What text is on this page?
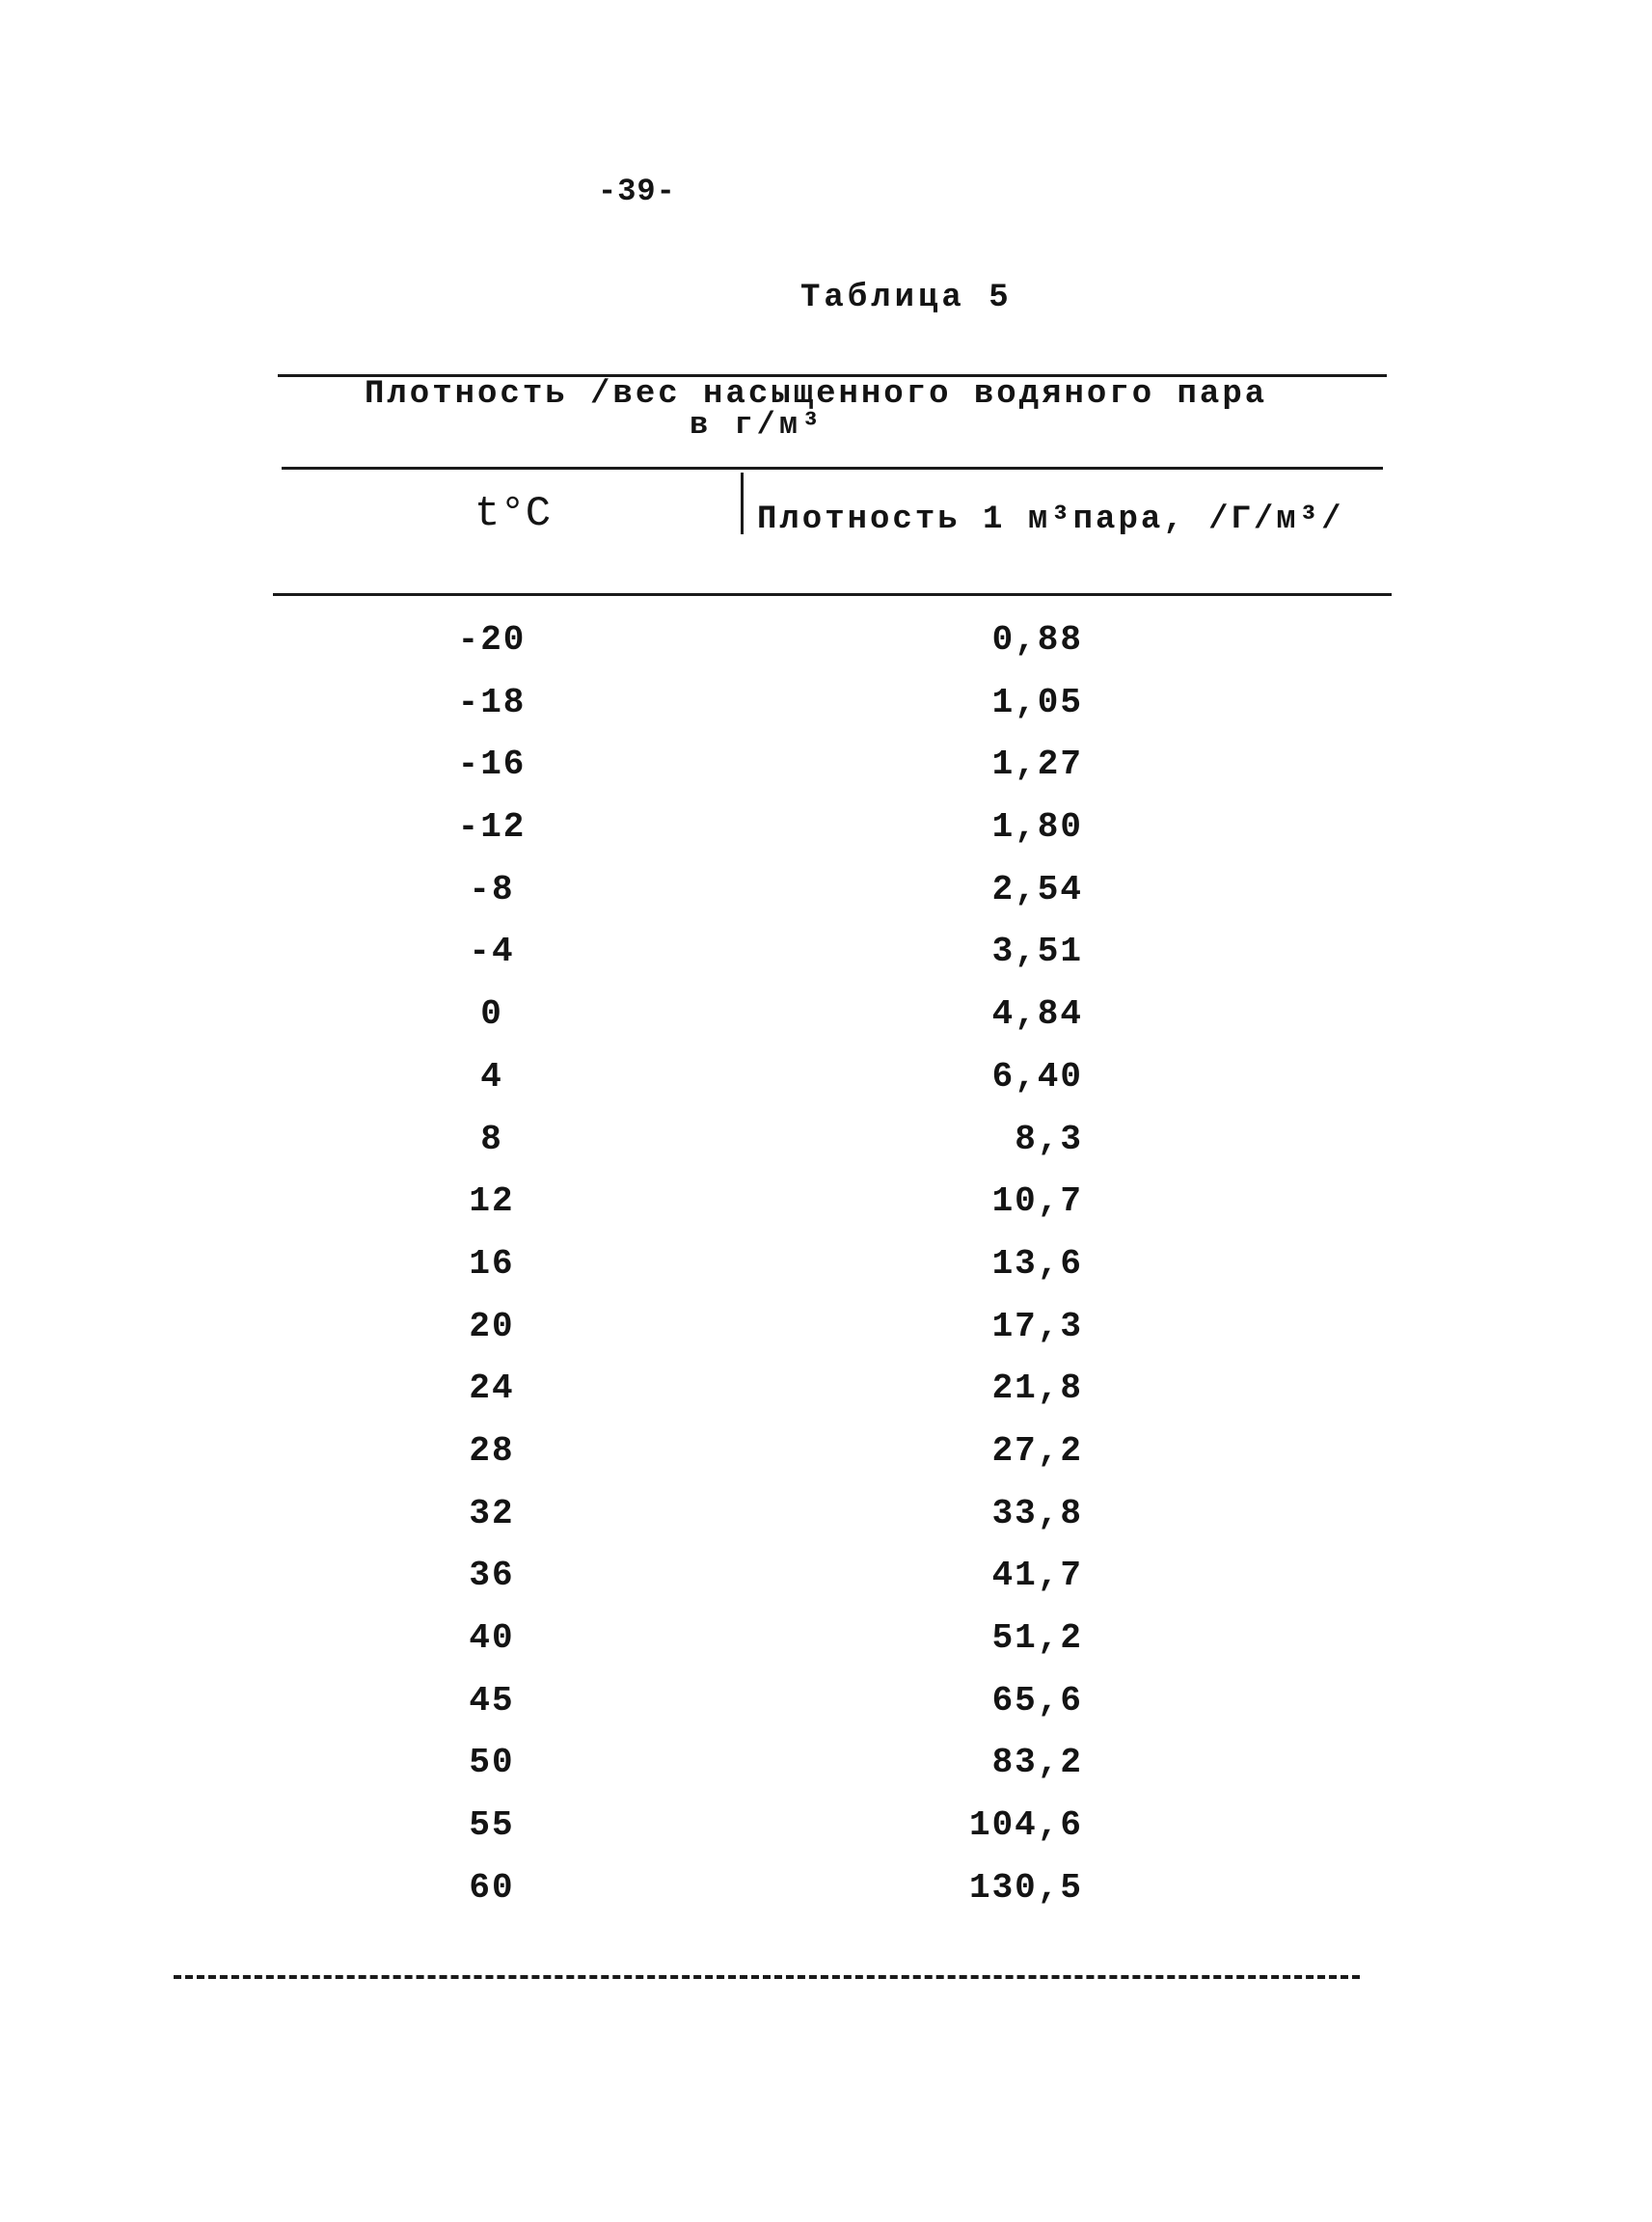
-39-
Таблица 5
Плотность /вес насыщенного водяного пара
в г/м³
t°C	Плотность 1 м³пара, /Г/м³/
-20	0,88
-18	1,05
-16	1,27
-12	1,80
-8	2,54
-4	3,51
0	4,84
4	6,40
8	8,3
12	10,7
16	13,6
20	17,3
24	21,8
28	27,2
32	33,8
36	41,7
40	51,2
45	65,6
50	83,2
55	104,6
60	130,5
